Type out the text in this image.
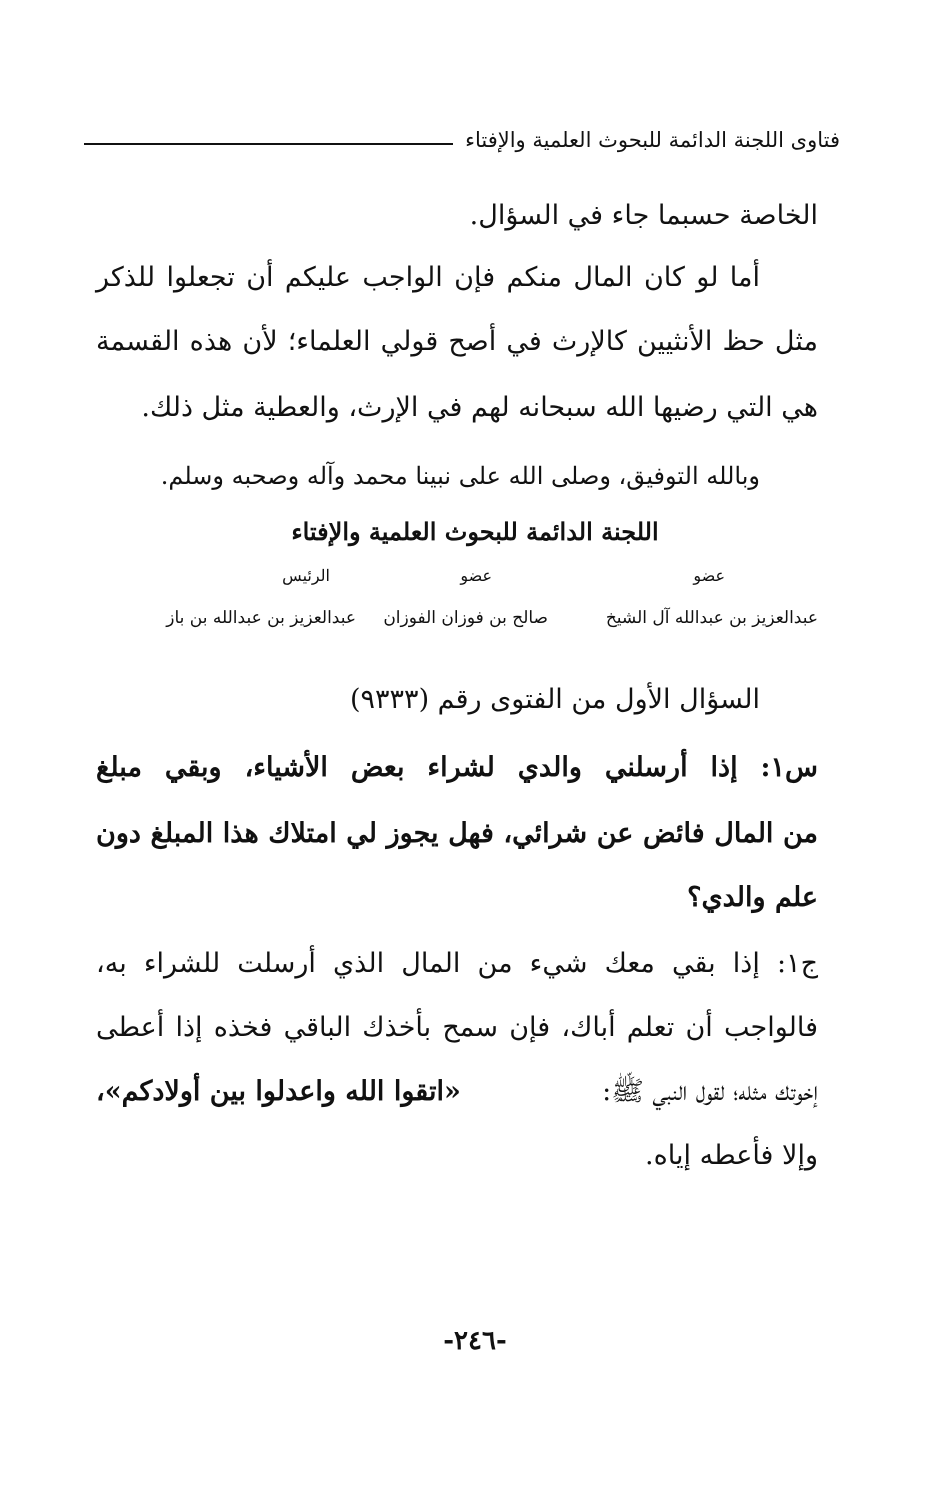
فتاوى اللجنة الدائمة للبحوث العلمية والإفتاء
الخاصة حسبما جاء في السؤال.
أما لو كان المال منكم فإن الواجب عليكم أن تجعلوا للذكر
مثل حظ الأنثيين كالإرث في أصح قولي العلماء؛ لأن هذه القسمة
هي التي رضيها الله سبحانه لهم في الإرث، والعطية مثل ذلك.
وبالله التوفيق، وصلى الله على نبينا محمد وآله وصحبه وسلم.
اللجنة الدائمة للبحوث العلمية والإفتاء
عضو
عضو
الرئيس
عبدالعزيز بن عبدالله آل الشيخ
صالح بن فوزان الفوزان
عبدالعزيز بن عبدالله بن باز
السؤال الأول من الفتوى رقم (٩٣٣٣)
س١: إذا أرسلني والدي لشراء بعض الأشياء، وبقي مبلغ
من المال فائض عن شرائي، فهل يجوز لي امتلاك هذا المبلغ دون
علم والدي؟
ج١: إذا بقي معك شيء من المال الذي أرسلت للشراء به،
فالواجب أن تعلم أباك، فإن سمح بأخذك الباقي فخذه إذا أعطى
إخوتك مثله؛ لقول النبي ﷺ:
«اتقوا الله واعدلوا بين أولادكم»،
وإلا فأعطه إياه.
-٢٤٦-
